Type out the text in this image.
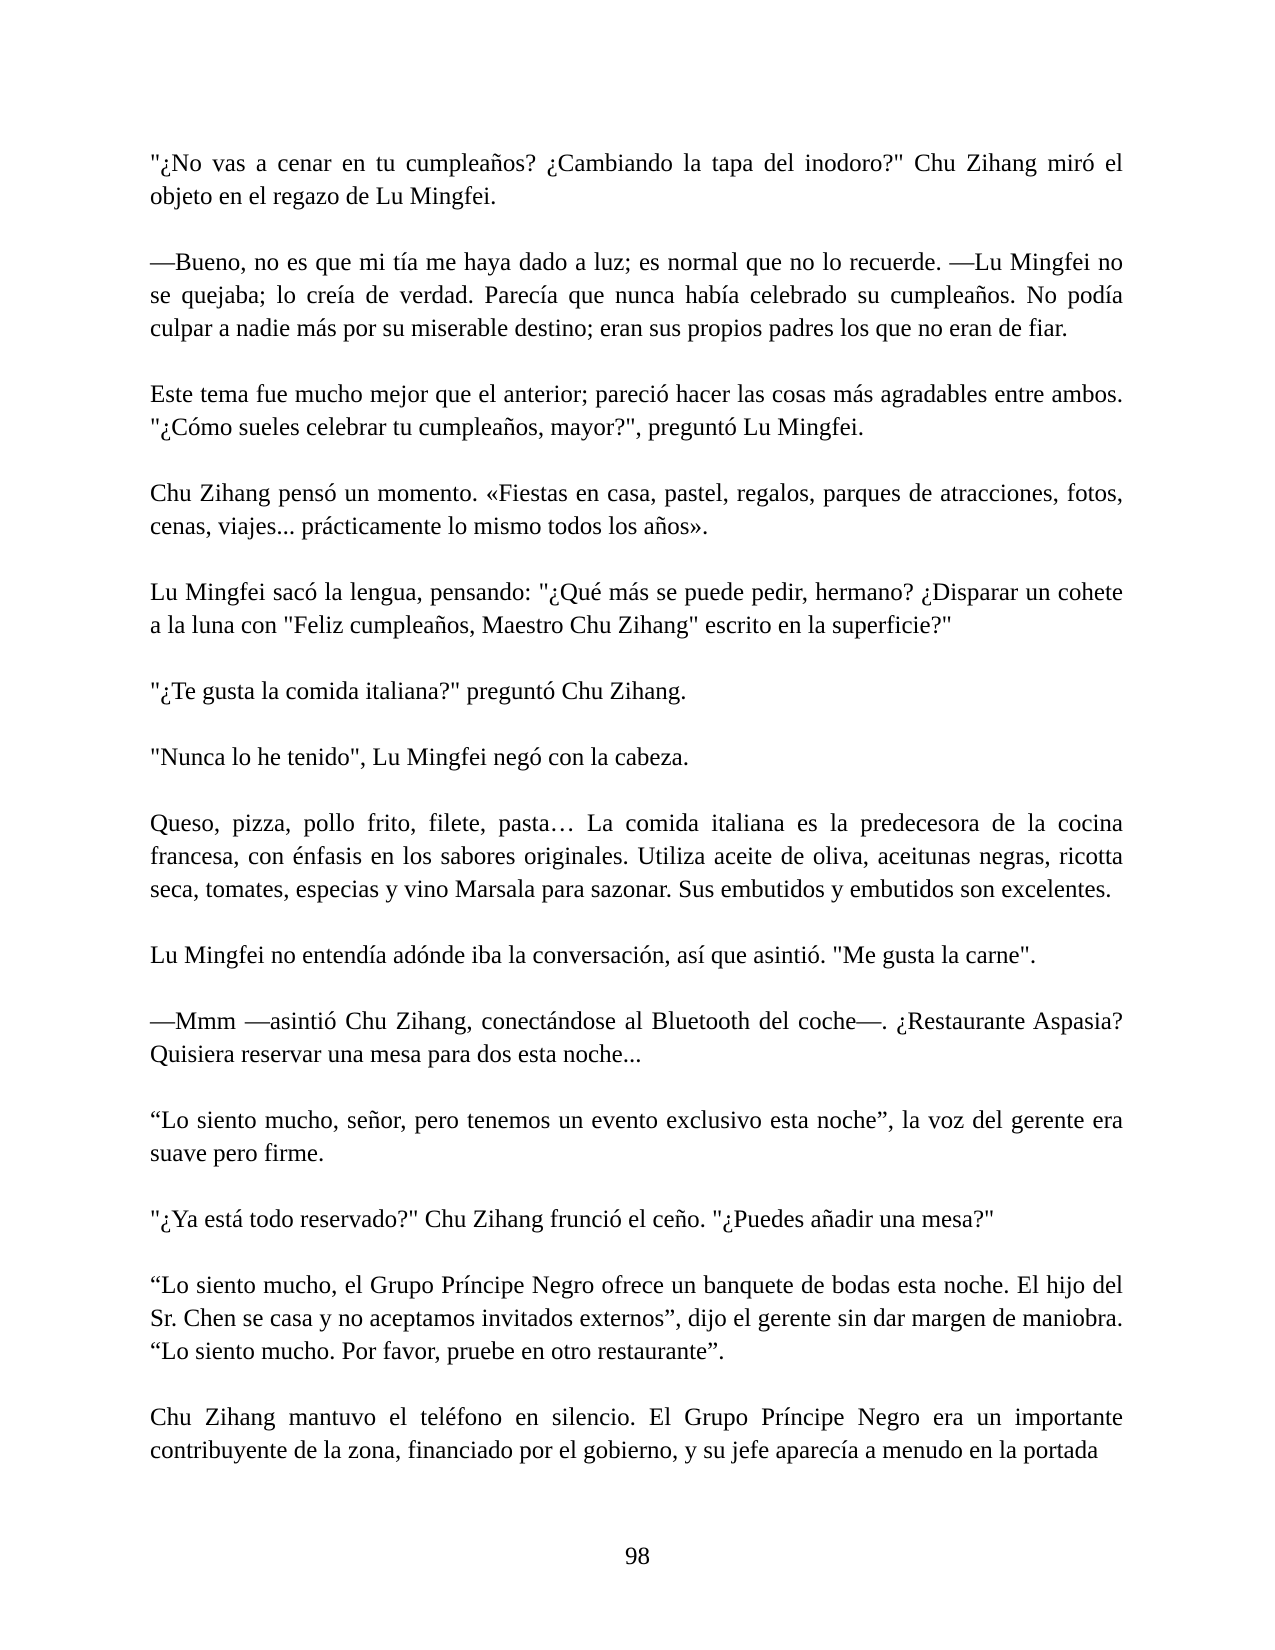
"¿No vas a cenar en tu cumpleaños? ¿Cambiando la tapa del inodoro?" Chu Zihang miró el objeto en el regazo de Lu Mingfei.

—Bueno, no es que mi tía me haya dado a luz; es normal que no lo recuerde. —Lu Mingfei no se quejaba; lo creía de verdad. Parecía que nunca había celebrado su cumpleaños. No podía culpar a nadie más por su miserable destino; eran sus propios padres los que no eran de fiar.

Este tema fue mucho mejor que el anterior; pareció hacer las cosas más agradables entre ambos. "¿Cómo sueles celebrar tu cumpleaños, mayor?", preguntó Lu Mingfei.

Chu Zihang pensó un momento. «Fiestas en casa, pastel, regalos, parques de atracciones, fotos, cenas, viajes... prácticamente lo mismo todos los años».

Lu Mingfei sacó la lengua, pensando: "¿Qué más se puede pedir, hermano? ¿Disparar un cohete a la luna con "Feliz cumpleaños, Maestro Chu Zihang" escrito en la superficie?"

"¿Te gusta la comida italiana?" preguntó Chu Zihang.

"Nunca lo he tenido", Lu Mingfei negó con la cabeza.

Queso, pizza, pollo frito, filete, pasta… La comida italiana es la predecesora de la cocina francesa, con énfasis en los sabores originales. Utiliza aceite de oliva, aceitunas negras, ricotta seca, tomates, especias y vino Marsala para sazonar. Sus embutidos y embutidos son excelentes.

Lu Mingfei no entendía adónde iba la conversación, así que asintió. "Me gusta la carne".

—Mmm —asintió Chu Zihang, conectándose al Bluetooth del coche—. ¿Restaurante Aspasia? Quisiera reservar una mesa para dos esta noche...

“Lo siento mucho, señor, pero tenemos un evento exclusivo esta noche”, la voz del gerente era suave pero firme.

"¿Ya está todo reservado?" Chu Zihang frunció el ceño. "¿Puedes añadir una mesa?"

“Lo siento mucho, el Grupo Príncipe Negro ofrece un banquete de bodas esta noche. El hijo del Sr. Chen se casa y no aceptamos invitados externos”, dijo el gerente sin dar margen de maniobra. “Lo siento mucho. Por favor, pruebe en otro restaurante”.

Chu Zihang mantuvo el teléfono en silencio. El Grupo Príncipe Negro era un importante contribuyente de la zona, financiado por el gobierno, y su jefe aparecía a menudo en la portada

98
